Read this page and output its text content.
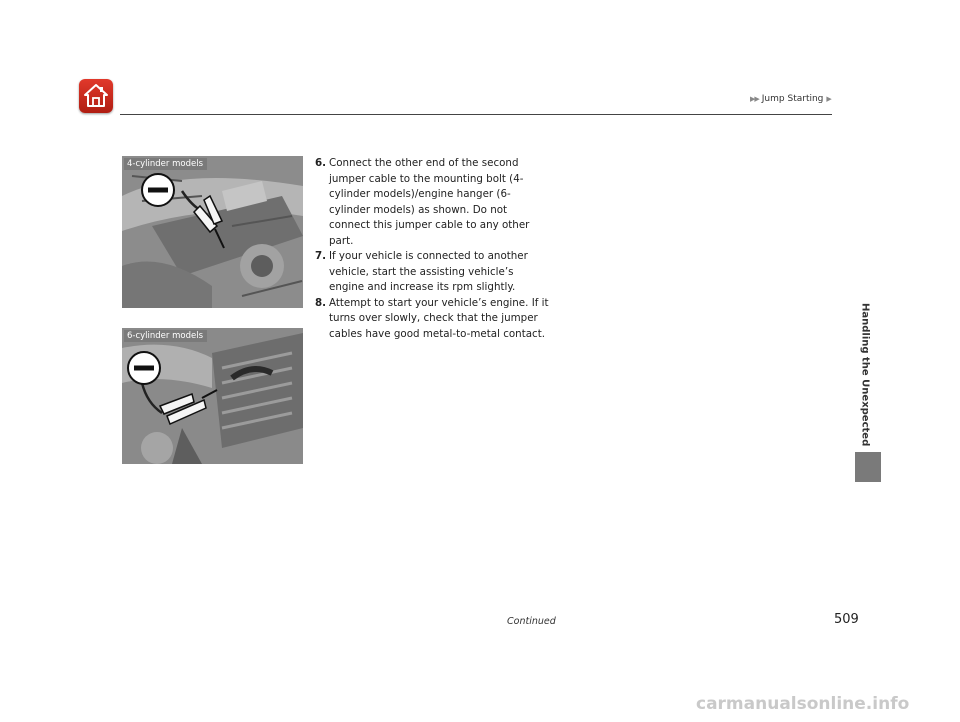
▶▶ Jump Starting ▶
4-cylinder models
6-cylinder models
6. Connect the other end of the second jumper cable to the mounting bolt (4-cylinder models)/engine hanger (6-cylinder models) as shown. Do not connect this jumper cable to any other part.
7. If your vehicle is connected to another vehicle, start the assisting vehicle’s engine and increase its rpm slightly.
8. Attempt to start your vehicle’s engine. If it turns over slowly, check that the jumper cables have good metal-to-metal contact.	Handling the Unexpected
Continued	509
carmanualsonline.info
